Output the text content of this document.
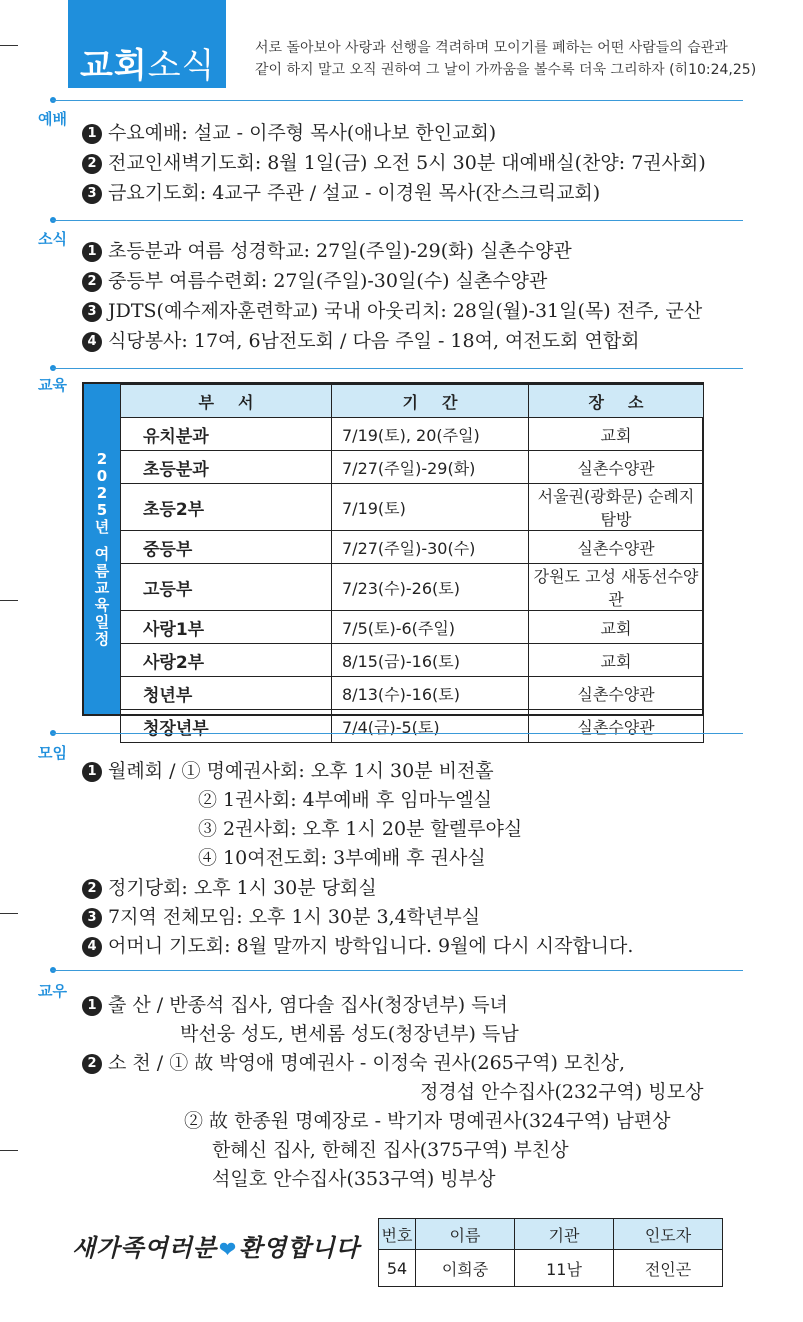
교회소식	서로 돌아보아 사랑과 선행을 격려하며 모이기를 폐하는 어떤 사람들의 습관과
같이 하지 말고 오직 권하여 그 날이 가까움을 볼수록 더욱 그리하자 (히10:24,25)
예배
1 수요예배: 설교 - 이주형 목사(애나보 한인교회)
2 전교인새벽기도회: 8월 1일(금) 오전 5시 30분 대예배실(찬양: 7권사회)
3 금요기도회: 4교구 주관 / 설교 - 이경원 목사(잔스크릭교회)
소식
1 초등분과 여름 성경학교: 27일(주일)-29(화) 실촌수양관
2 중등부 여름수련회: 27일(주일)-30일(수) 실촌수양관
3 JDTS(예수제자훈련학교) 국내 아웃리치: 28일(월)-31일(목) 전주, 군산
4 식당봉사: 17여, 6남전도회 / 다음 주일 - 18여, 여전도회 연합회
교육
2
0
2
5
년
여
름
교
육
일
정
부서	기간	장소
유치분과	7/19(토), 20(주일)	교회
초등분과	7/27(주일)-29(화)	실촌수양관
초등2부	7/19(토)	서울권(광화문) 순례지 탐방
중등부	7/27(주일)-30(수)	실촌수양관
고등부	7/23(수)-26(토)	강원도 고성 새동선수양관
사랑1부	7/5(토)-6(주일)	교회
사랑2부	8/15(금)-16(토)	교회
청년부	8/13(수)-16(토)	실촌수양관
청장년부	7/4(금)-5(토)	실촌수양관
모임
1 월례회 / ① 명예권사회: 오후 1시 30분 비전홀
② 1권사회: 4부예배 후 임마누엘실
③ 2권사회: 오후 1시 20분 할렐루야실
④ 10여전도회: 3부예배 후 권사실
2 정기당회: 오후 1시 30분 당회실
3 7지역 전체모임: 오후 1시 30분 3,4학년부실
4 어머니 기도회: 8월 말까지 방학입니다. 9월에 다시 시작합니다.
교우
1 출 산 / 반종석 집사, 염다솔 집사(청장년부) 득녀
박선웅 성도, 변세롬 성도(청장년부) 득남
2 소 천 / ① 故 박영애 명예권사 - 이정숙 권사(265구역) 모친상,
정경섭 안수집사(232구역) 빙모상
② 故 한종원 명예장로 - 박기자 명예권사(324구역) 남편상
한혜신 집사, 한혜진 집사(375구역) 부친상
석일호 안수집사(353구역) 빙부상
새가족여러분 ❤환영합니다 번호	이름	기관	인도자
54	이희중	11남	전인곤
